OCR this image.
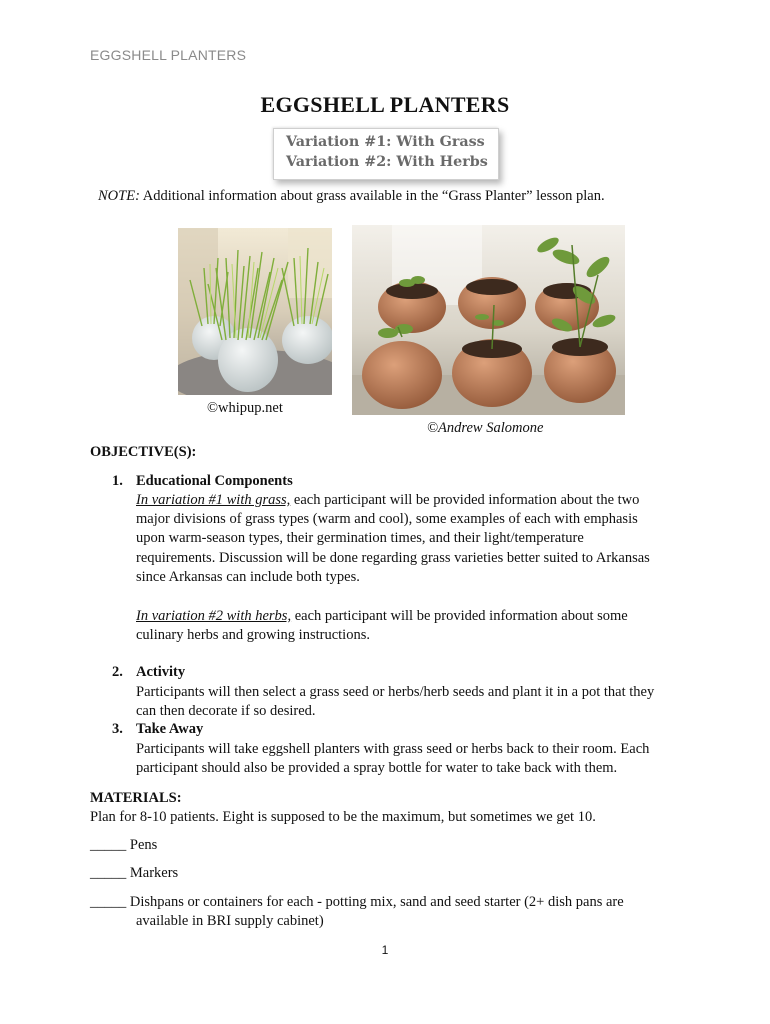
EGGSHELL PLANTERS
EGGSHELL PLANTERS
Variation #1: With Grass
Variation #2: With Herbs
NOTE: Additional information about grass available in the “Grass Planter” lesson plan.
©whipup.net
©Andrew Salomone
OBJECTIVE(S):
1. Educational Components
In variation #1 with grass, each participant will be provided information about the two
major divisions of grass types (warm and cool), some examples of each with emphasis
upon warm-season types, their germination times, and their light/temperature
requirements. Discussion will be done regarding grass varieties better suited to Arkansas
since Arkansas can include both types.
In variation #2 with herbs, each participant will be provided information about some
culinary herbs and growing instructions.
2. Activity
Participants will then select a grass seed or herbs/herb seeds and plant it in a pot that they
can then decorate if so desired.
3. Take Away
Participants will take eggshell planters with grass seed or herbs back to their room. Each
participant should also be provided a spray bottle for water to take back with them.
MATERIALS:
Plan for 8-10 patients. Eight is supposed to be the maximum, but sometimes we get 10.
_____ Pens
_____ Markers
_____ Dishpans or containers for each - potting mix, sand and seed starter (2+ dish pans are
available in BRI supply cabinet)
1
